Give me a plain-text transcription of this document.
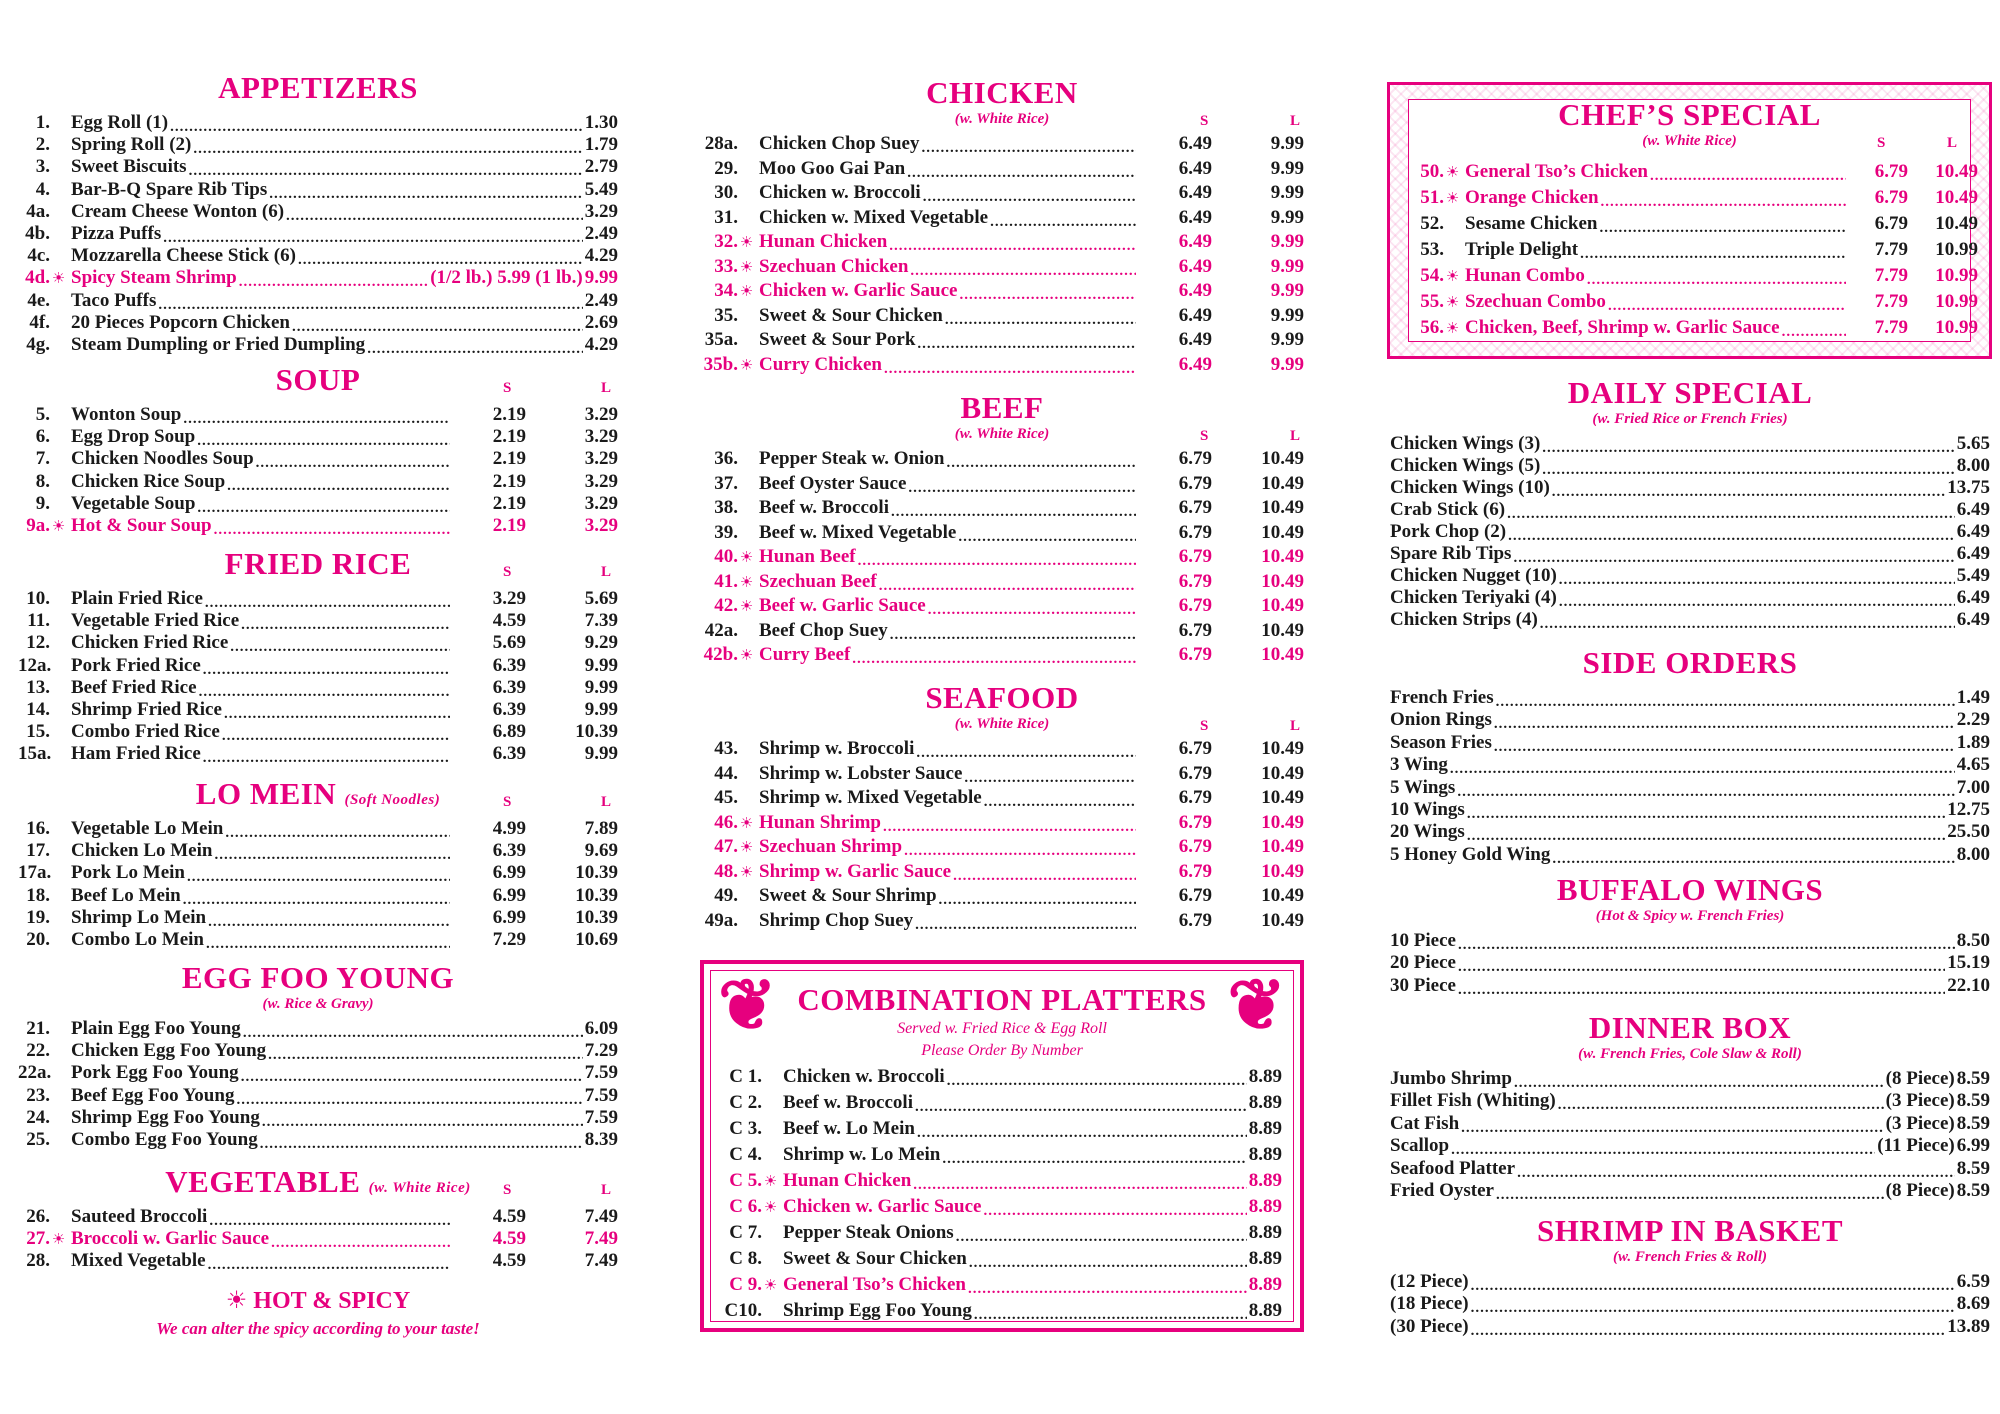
APPETIZERS
1. Egg Roll (1) .....	1.30
2. Spring Roll (2) .....	1.79
3. Sweet Biscuits .....	2.79
4. Bar-B-Q Spare Rib Tips .....	5.49
4a. Cream Cheese Wonton (6) .....	3.29
4b. Pizza Puffs .....	2.49
4c. Mozzarella Cheese Stick (6) .....	4.29
4d. ☀ Spicy Steam Shrimp .....	(1/2 lb.) 5.99 (1 lb.) 9.99
4e. Taco Puffs .....	2.49
4f. 20 Pieces Popcorn Chicken .....	2.69
4g. Steam Dumpling or Fried Dumpling .....	4.29
SOUP	S	L
5. Wonton Soup .....	2.19	3.29
6. Egg Drop Soup .....	2.19	3.29
7. Chicken Noodles Soup .....	2.19	3.29
8. Chicken Rice Soup .....	2.19	3.29
9. Vegetable Soup .....	2.19	3.29
9a. ☀ Hot & Sour Soup .....	2.19	3.29
FRIED RICE	S	L
10. Plain Fried Rice .....	3.29	5.69
11. Vegetable Fried Rice .....	4.59	7.39
12. Chicken Fried Rice .....	5.69	9.29
12a. Pork Fried Rice .....	6.39	9.99
13. Beef Fried Rice .....	6.39	9.99
14. Shrimp Fried Rice .....	6.39	9.99
15. Combo Fried Rice .....	6.89	10.39
15a. Ham Fried Rice .....	6.39	9.99
LO MEIN (Soft Noodles)	S	L
16. Vegetable Lo Mein .....	4.99	7.89
17. Chicken Lo Mein .....	6.39	9.69
17a. Pork Lo Mein .....	6.99	10.39
18. Beef Lo Mein .....	6.99	10.39
19. Shrimp Lo Mein .....	6.99	10.39
20. Combo Lo Mein .....	7.29	10.69
EGG FOO YOUNG
(w. Rice & Gravy)
21. Plain Egg Foo Young .....	6.09
22. Chicken Egg Foo Young .....	7.29
22a. Pork Egg Foo Young .....	7.59
23. Beef Egg Foo Young .....	7.59
24. Shrimp Egg Foo Young .....	7.59
25. Combo Egg Foo Young .....	8.39
VEGETABLE (w. White Rice)	S	L
26. Sauteed Broccoli .....	4.59	7.49
27. ☀ Broccoli w. Garlic Sauce .....	4.59	7.49
28. Mixed Vegetable .....	4.59	7.49
☀ HOT & SPICY
We can alter the spicy according to your taste!
CHICKEN
(w. White Rice)	S	L
28a. Chicken Chop Suey .....	6.49	9.99
29. Moo Goo Gai Pan .....	6.49	9.99
30. Chicken w. Broccoli .....	6.49	9.99
31. Chicken w. Mixed Vegetable .....	6.49	9.99
32. ☀ Hunan Chicken .....	6.49	9.99
33. ☀ Szechuan Chicken .....	6.49	9.99
34. ☀ Chicken w. Garlic Sauce .....	6.49	9.99
35. Sweet & Sour Chicken .....	6.49	9.99
35a. Sweet & Sour Pork .....	6.49	9.99
35b. ☀ Curry Chicken .....	6.49	9.99
BEEF
(w. White Rice)	S	L
36. Pepper Steak w. Onion .....	6.79	10.49
37. Beef Oyster Sauce .....	6.79	10.49
38. Beef w. Broccoli .....	6.79	10.49
39. Beef w. Mixed Vegetable .....	6.79	10.49
40. ☀ Hunan Beef .....	6.79	10.49
41. ☀ Szechuan Beef .....	6.79	10.49
42. ☀ Beef w. Garlic Sauce .....	6.79	10.49
42a. Beef Chop Suey .....	6.79	10.49
42b. ☀ Curry Beef .....	6.79	10.49
SEAFOOD
(w. White Rice)	S	L
43. Shrimp w. Broccoli .....	6.79	10.49
44. Shrimp w. Lobster Sauce .....	6.79	10.49
45. Shrimp w. Mixed Vegetable .....	6.79	10.49
46. ☀ Hunan Shrimp .....	6.79	10.49
47. ☀ Szechuan Shrimp .....	6.79	10.49
48. ☀ Shrimp w. Garlic Sauce .....	6.79	10.49
49. Sweet & Sour Shrimp .....	6.79	10.49
49a. Shrimp Chop Suey .....	6.79	10.49
❦	❦
COMBINATION PLATTERS
Served w. Fried Rice & Egg Roll
Please Order By Number
C 1. Chicken w. Broccoli .....	8.89
C 2. Beef w. Broccoli .....	8.89
C 3. Beef w. Lo Mein .....	8.89
C 4. Shrimp w. Lo Mein .....	8.89
C 5. ☀ Hunan Chicken .....	8.89
C 6. ☀ Chicken w. Garlic Sauce .....	8.89
C 7. Pepper Steak Onions .....	8.89
C 8. Sweet & Sour Chicken .....	8.89
C 9. ☀ General Tso’s Chicken .....	8.89
C10. Shrimp Egg Foo Young .....	8.89
CHEF’S SPECIAL
(w. White Rice)	S	L
50. ☀ General Tso’s Chicken .....	6.79	10.49
51. ☀ Orange Chicken .....	6.79	10.49
52. Sesame Chicken .....	6.79	10.49
53. Triple Delight .....	7.79	10.99
54. ☀ Hunan Combo .....	7.79	10.99
55. ☀ Szechuan Combo .....	7.79	10.99
56. ☀ Chicken, Beef, Shrimp w. Garlic Sauce .....	7.79	10.99
DAILY SPECIAL
(w. Fried Rice or French Fries)
Chicken Wings (3) .....	5.65
Chicken Wings (5) .....	8.00
Chicken Wings (10) .....	13.75
Crab Stick (6) .....	6.49
Pork Chop (2) .....	6.49
Spare Rib Tips .....	6.49
Chicken Nugget (10) .....	5.49
Chicken Teriyaki (4) .....	6.49
Chicken Strips (4) .....	6.49
SIDE ORDERS
French Fries .....	1.49
Onion Rings .....	2.29
Season Fries .....	1.89
3 Wing .....	4.65
5 Wings .....	7.00
10 Wings .....	12.75
20 Wings .....	25.50
5 Honey Gold Wing .....	8.00
BUFFALO WINGS
(Hot & Spicy w. French Fries)
10 Piece .....	8.50
20 Piece .....	15.19
30 Piece .....	22.10
DINNER BOX
(w. French Fries, Cole Slaw & Roll)
Jumbo Shrimp .....	(8 Piece) 8.59
Fillet Fish (Whiting) .....	(3 Piece) 8.59
Cat Fish .....	(3 Piece) 8.59
Scallop .....	(11 Piece) 6.99
Seafood Platter .....	8.59
Fried Oyster .....	(8 Piece) 8.59
SHRIMP IN BASKET
(w. French Fries & Roll)
(12 Piece) .....	6.59
(18 Piece) .....	8.69
(30 Piece) .....	13.89
